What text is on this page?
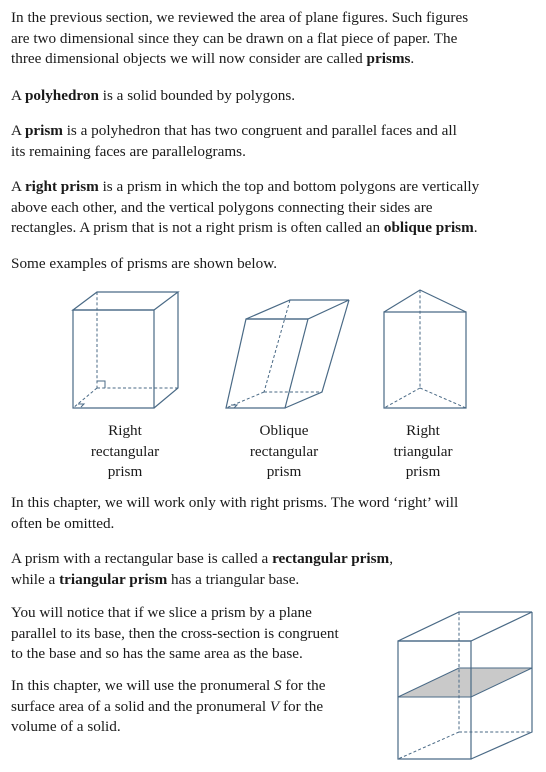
In the previous section, we reviewed the area of plane figures. Such figures
are two dimensional since they can be drawn on a flat piece of paper. The
three dimensional objects we will now consider are called prisms.
A polyhedron is a solid bounded by polygons.
A prism is a polyhedron that has two congruent and parallel faces and all
its remaining faces are parallelograms.
A right prism is a prism in which the top and bottom polygons are vertically
above each other, and the vertical polygons connecting their sides are
rectangles. A prism that is not a right prism is often called an oblique prism.
Some examples of prisms are shown below.
Right
rectangular
prism
Oblique
rectangular
prism
Right
triangular
prism
In this chapter, we will work only with right prisms. The word ‘right’ will
often be omitted.
A prism with a rectangular base is called a rectangular prism,
while a triangular prism has a triangular base.
You will notice that if we slice a prism by a plane
parallel to its base, then the cross-section is congruent
to the base and so has the same area as the base.
In this chapter, we will use the pronumeral S for the
surface area of a solid and the pronumeral V for the
volume of a solid.
